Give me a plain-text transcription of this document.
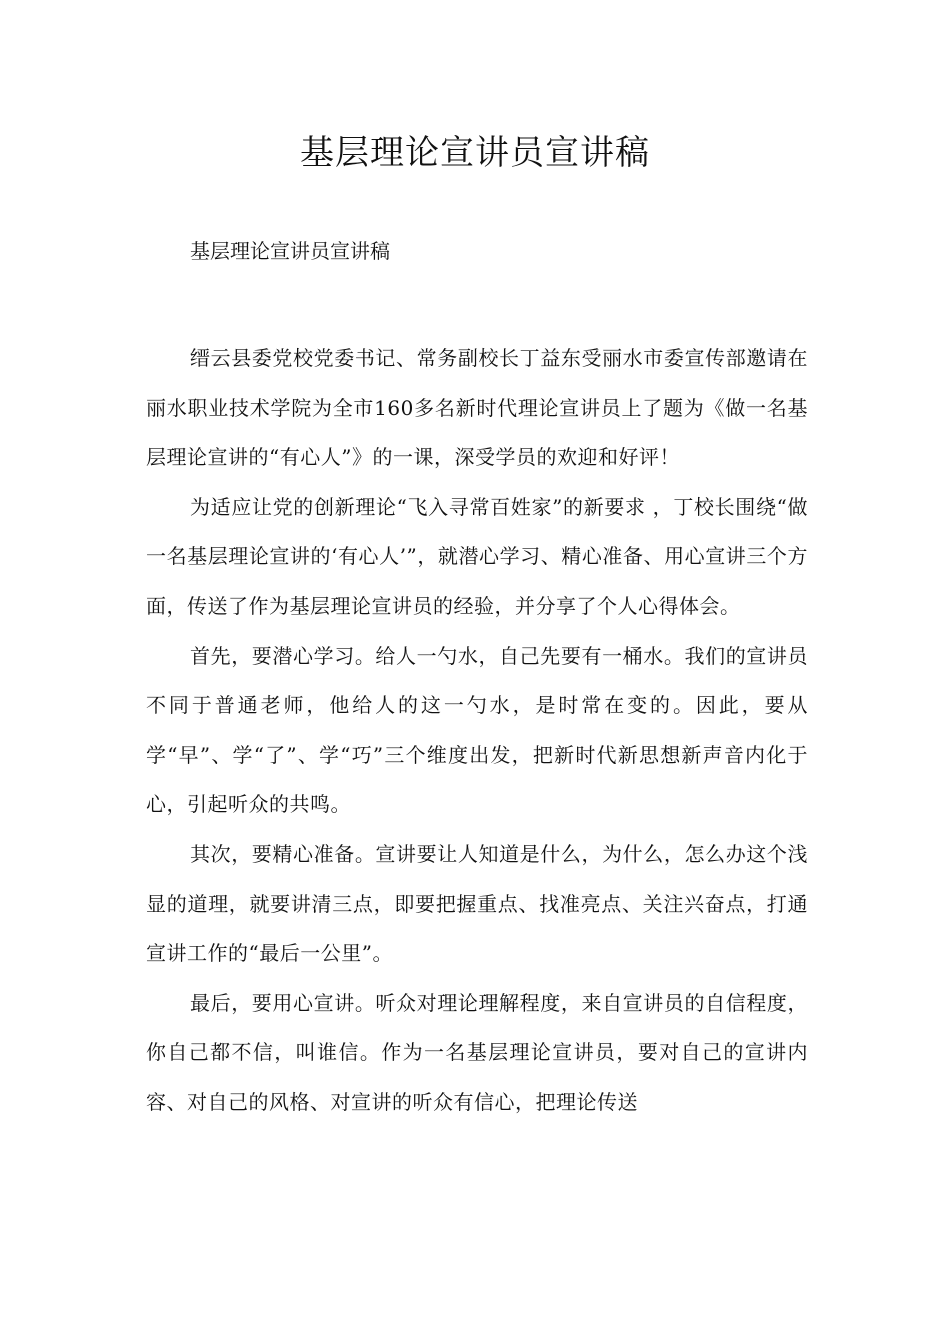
基层理论宣讲员宣讲稿

基层理论宣讲员宣讲稿

缙云县委党校党委书记、常务副校长丁益东受丽水市委宣传部邀请在丽水职业技术学院为全市160多名新时代理论宣讲员上了题为《做一名基层理论宣讲的“有心人”》的一课，深受学员的欢迎和好评！

为适应让党的创新理论“飞入寻常百姓家”的新要求 ，丁校长围绕“做一名基层理论宣讲的‘有心人’”，就潜心学习、精心准备、用心宣讲三个方面，传送了作为基层理论宣讲员的经验，并分享了个人心得体会。

首先，要潜心学习。给人一勺水，自己先要有一桶水。我们的宣讲员不同于普通老师，他给人的这一勺水，是时常在变的。因此，要从学“早”、学“了”、学“巧”三个维度出发，把新时代新思想新声音内化于心，引起听众的共鸣。

其次，要精心准备。宣讲要让人知道是什么，为什么，怎么办这个浅显的道理，就要讲清三点，即要把握重点、找准亮点、关注兴奋点，打通宣讲工作的“最后一公里”。

最后，要用心宣讲。听众对理论理解程度，来自宣讲员的自信程度，你自己都不信，叫谁信。作为一名基层理论宣讲员，要对自己的宣讲内容、对自己的风格、对宣讲的听众有信心，把理论传送
